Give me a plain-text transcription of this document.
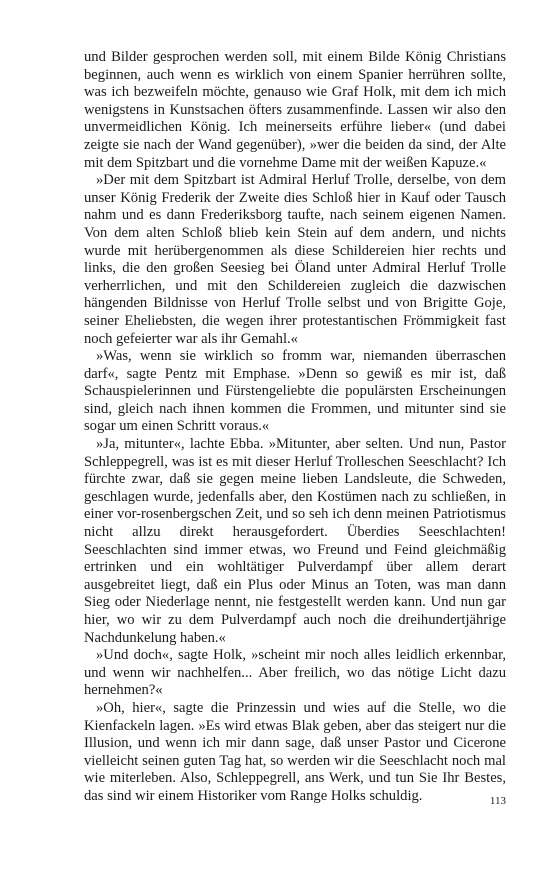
und Bilder gesprochen werden soll, mit einem Bilde König Christians beginnen, auch wenn es wirklich von einem Spanier herrühren sollte, was ich bezweifeln möchte, genauso wie Graf Holk, mit dem ich mich wenigstens in Kunstsachen öfters zusammenfinde. Lassen wir also den unvermeidlichen König. Ich meinerseits erführe lieber« (und dabei zeigte sie nach der Wand gegenüber), »wer die beiden da sind, der Alte mit dem Spitzbart und die vornehme Dame mit der weißen Kapuze.«

»Der mit dem Spitzbart ist Admiral Herluf Trolle, derselbe, von dem unser König Frederik der Zweite dies Schloß hier in Kauf oder Tausch nahm und es dann Frederiksborg taufte, nach seinem eigenen Namen. Von dem alten Schloß blieb kein Stein auf dem andern, und nichts wurde mit herübergenommen als diese Schildereien hier rechts und links, die den großen Seesieg bei Öland unter Admiral Herluf Trolle verherrlichen, und mit den Schildereien zugleich die dazwischen hängenden Bildnisse von Herluf Trolle selbst und von Brigitte Goje, seiner Eheliebsten, die wegen ihrer protestantischen Frömmigkeit fast noch gefeierter war als ihr Gemahl.«

»Was, wenn sie wirklich so fromm war, niemanden überraschen darf«, sagte Pentz mit Emphase. »Denn so gewiß es mir ist, daß Schauspielerinnen und Fürstengeliebte die populärsten Erscheinungen sind, gleich nach ihnen kommen die Frommen, und mitunter sind sie sogar um einen Schritt voraus.«

»Ja, mitunter«, lachte Ebba. »Mitunter, aber selten. Und nun, Pastor Schleppegrell, was ist es mit dieser Herluf Trolleschen Seeschlacht? Ich fürchte zwar, daß sie gegen meine lieben Landsleute, die Schweden, geschlagen wurde, jedenfalls aber, den Kostümen nach zu schließen, in einer vor-rosenbergschen Zeit, und so seh ich denn meinen Patriotismus nicht allzu direkt herausgefordert. Überdies Seeschlachten! Seeschlachten sind immer etwas, wo Freund und Feind gleichmäßig ertrinken und ein wohltätiger Pulverdampf über allem derart ausgebreitet liegt, daß ein Plus oder Minus an Toten, was man dann Sieg oder Niederlage nennt, nie festgestellt werden kann. Und nun gar hier, wo wir zu dem Pulverdampf auch noch die dreihundertjährige Nachdunkelung haben.«

»Und doch«, sagte Holk, »scheint mir noch alles leidlich erkennbar, und wenn wir nachhelfen... Aber freilich, wo das nötige Licht dazu hernehmen?«

»Oh, hier«, sagte die Prinzessin und wies auf die Stelle, wo die Kienfackeln lagen. »Es wird etwas Blak geben, aber das steigert nur die Illusion, und wenn ich mir dann sage, daß unser Pastor und Cicerone vielleicht seinen guten Tag hat, so werden wir die Seeschlacht noch mal wie miterleben. Also, Schleppegrell, ans Werk, und tun Sie Ihr Bestes, das sind wir einem Historiker vom Range Holks schuldig.	113
